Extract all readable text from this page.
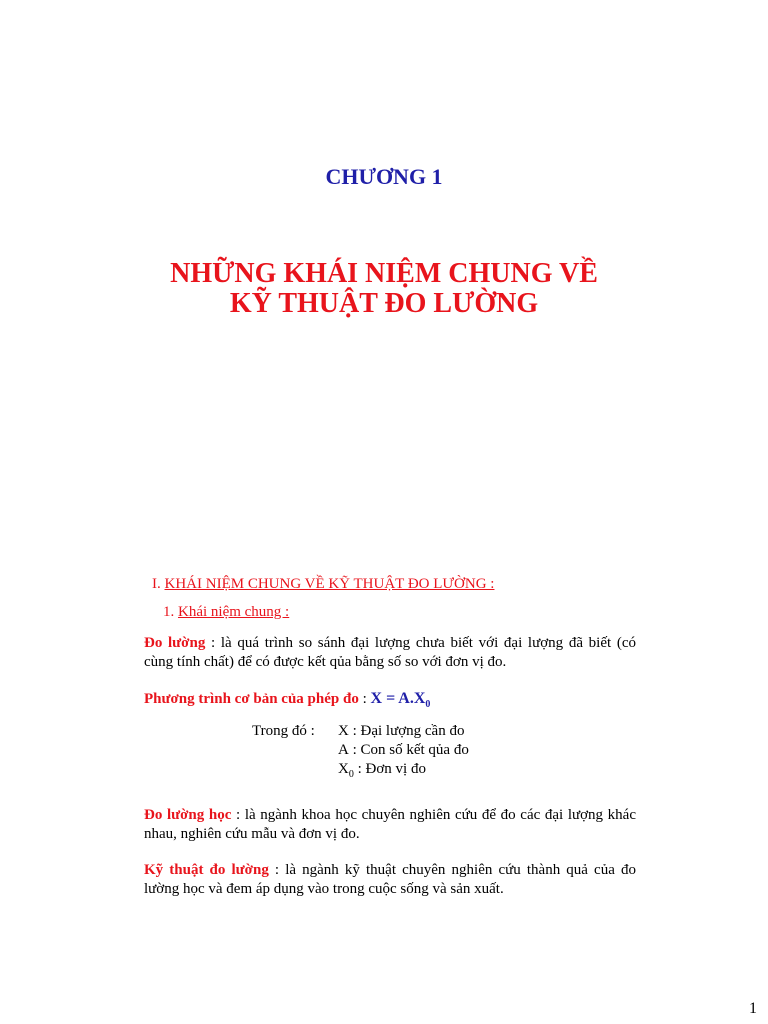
CHƯƠNG 1
NHỮNG KHÁI NIỆM CHUNG VỀ
KỸ THUẬT ĐO LƯỜNG
I. KHÁI NIỆM CHUNG VỀ KỸ THUẬT ĐO LƯỜNG :
1. Khái niệm chung :
Đo lường : là quá trình so sánh đại lượng chưa biết với đại lượng đã biết (có cùng tính chất) để có được kết qủa bằng số so với đơn vị đo.
Phương trình cơ bản của phép đo : $X = A.X_0$
Trong đó : X : Đại lượng cần đo
A : Con số kết qủa đo
$X_0$ : Đơn vị đo
Đo lường học : là ngành khoa học chuyên nghiên cứu để đo các đại lượng khác nhau, nghiên cứu mẫu và đơn vị đo.
Kỹ thuật đo lường : là ngành kỹ thuật chuyên nghiên cứu thành quả của đo lường học và đem áp dụng vào trong cuộc sống và sản xuất.
1
